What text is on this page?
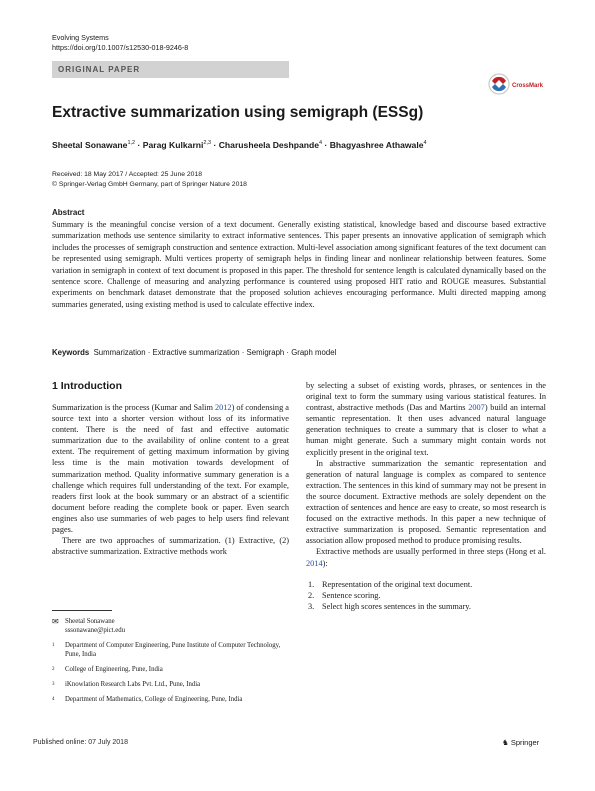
Evolving Systems
https://doi.org/10.1007/s12530-018-9246-8
ORIGINAL PAPER
CrossMark
Extractive summarization using semigraph (ESSg)
Sheetal Sonawane$^{1,2}$ · Parag Kulkarni$^{2,3}$ · Charusheela Deshpande$^4$ · Bhagyashree Athawale$^4$
Received: 18 May 2017 / Accepted: 25 June 2018
© Springer-Verlag GmbH Germany, part of Springer Nature 2018
Abstract
Summary is the meaningful concise version of a text document. Generally existing statistical, knowledge based and discourse based extractive summarization methods use sentence similarity to extract informative sentences. This paper presents an innovative application of semigraph which includes the processes of semigraph construction and sentence extraction. Multi-level association among significant features of the text document can be represented using semigraph. Multi vertices property of semigraph helps in finding linear and nonlinear relationship between features. Some variation in semigraph in context of text document is proposed in this paper. The threshold for sentence length is calculated dynamically based on the sentence score. Challenge of measuring and analyzing performance is countered using proposed HIT ratio and ROUGE measures. Substantial experiments on benchmark dataset demonstrate that the proposed solution achieves encouraging performance. Multi directed mapping among summaries generated, using existing method is used to calculate effective index.
Keywords Summarization · Extractive summarization · Semigraph · Graph model
1 Introduction

Summarization is the process (Kumar and Salim 2012) of condensing a source text into a shorter version without loss of its informative content. There is the need of fast and effective automatic summarization due to the availability of online content to a great extent. The requirement of getting maximum information by giving less time is the main motivation towards development of summarization method. Quality informative summary generation is a challenge which requires full understanding of the text. For example, readers first look at the book summary or an abstract of a scientific document before reading the complete book or paper. Even search engines also use summaries of web pages to help users find relevant pages.

There are two approaches of summarization. (1) Extractive, (2) abstractive summarization. Extractive methods work

by selecting a subset of existing words, phrases, or sentences in the original text to form the summary using various statistical features. In contrast, abstractive methods (Das and Martins 2007) build an internal semantic representation. It then uses advanced natural language generation techniques to create a summary that is closer to what a human might generate. Such a summary might contain words not explicitly present in the original text.

In abstractive summarization the semantic representation and generation of natural language is complex as compared to sentence extraction. The sentences in this kind of summary may not be present in the source document. Extractive methods are solely dependent on the extraction of sentences and hence are easy to create, so most research is focused on the extractive methods. In this paper a new technique of extractive summarization is proposed. Semantic representation and association allow proposed method to produce promising results.

Extractive methods are usually performed in three steps (Hong et al. 2014):

1. Representation of the original text document.
2. Sentence scoring.
3. Select high scores sentences in the summary.
✉ Sheetal Sonawane
sssonawane@pict.edu
1 Department of Computer Engineering, Pune Institute of Computer Technology, Pune, India
2 College of Engineering, Pune, India
3 iKnowlation Research Labs Pvt. Ltd., Pune, India
4 Department of Mathematics, College of Engineering, Pune, India
Published online: 07 July 2018	♞ Springer
